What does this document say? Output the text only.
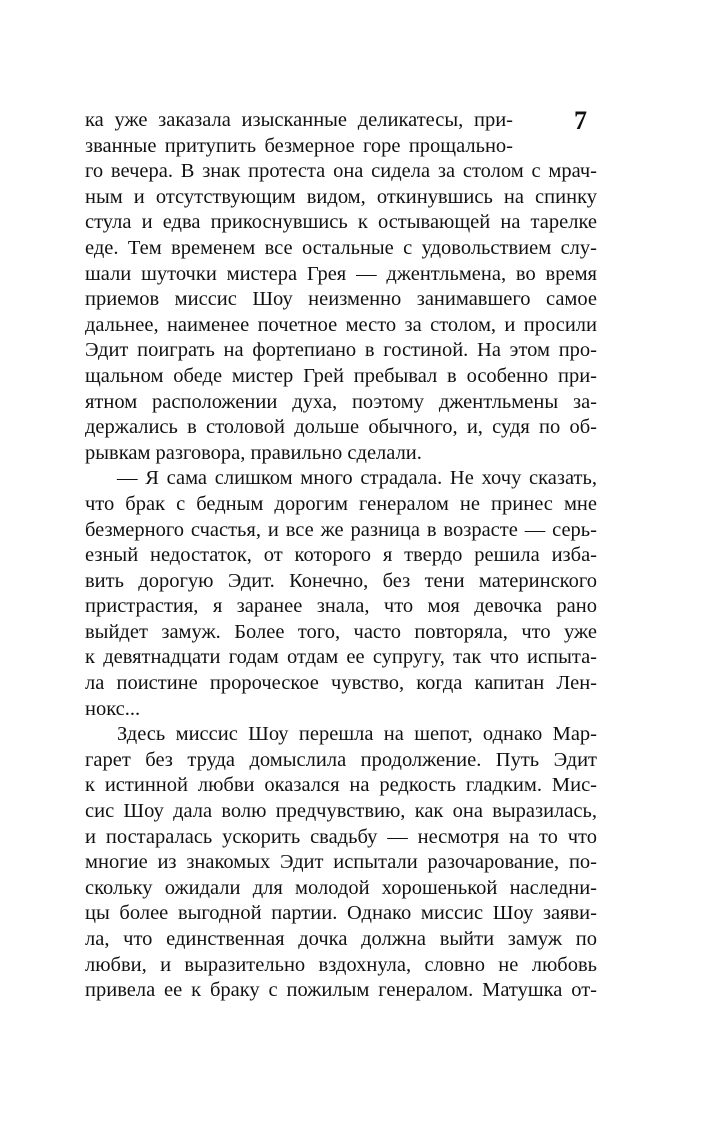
7

ка уже заказала изысканные деликатесы, при-
званные притупить безмерное горе прощально-
го вечера. В знак протеста она сидела за столом с мрач-
ным и отсутствующим видом, откинувшись на спинку
стула и едва прикоснувшись к остывающей на тарелке
еде. Тем временем все остальные с удовольствием слу-
шали шуточки мистера Грея — джентльмена, во время
приемов миссис Шоу неизменно занимавшего самое
дальнее, наименее почетное место за столом, и просили
Эдит поиграть на фортепиано в гостиной. На этом про-
щальном обеде мистер Грей пребывал в особенно при-
ятном расположении духа, поэтому джентльмены за-
держались в столовой дольше обычного, и, судя по об-
рывкам разговора, правильно сделали.
— Я сама слишком много страдала. Не хочу сказать,
что брак с бедным дорогим генералом не принес мне
безмерного счастья, и все же разница в возрасте — серь-
езный недостаток, от которого я твердо решила изба-
вить дорогую Эдит. Конечно, без тени материнского
пристрастия, я заранее знала, что моя девочка рано
выйдет замуж. Более того, часто повторяла, что уже
к девятнадцати годам отдам ее супругу, так что испыта-
ла поистине пророческое чувство, когда капитан Лен-
нокс...
Здесь миссис Шоу перешла на шепот, однако Мар-
гарет без труда домыслила продолжение. Путь Эдит
к истинной любви оказался на редкость гладким. Мис-
сис Шоу дала волю предчувствию, как она выразилась,
и постаралась ускорить свадьбу — несмотря на то что
многие из знакомых Эдит испытали разочарование, по-
скольку ожидали для молодой хорошенькой наследни-
цы более выгодной партии. Однако миссис Шоу заяви-
ла, что единственная дочка должна выйти замуж по
любви, и выразительно вздохнула, словно не любовь
привела ее к браку с пожилым генералом. Матушка от-
